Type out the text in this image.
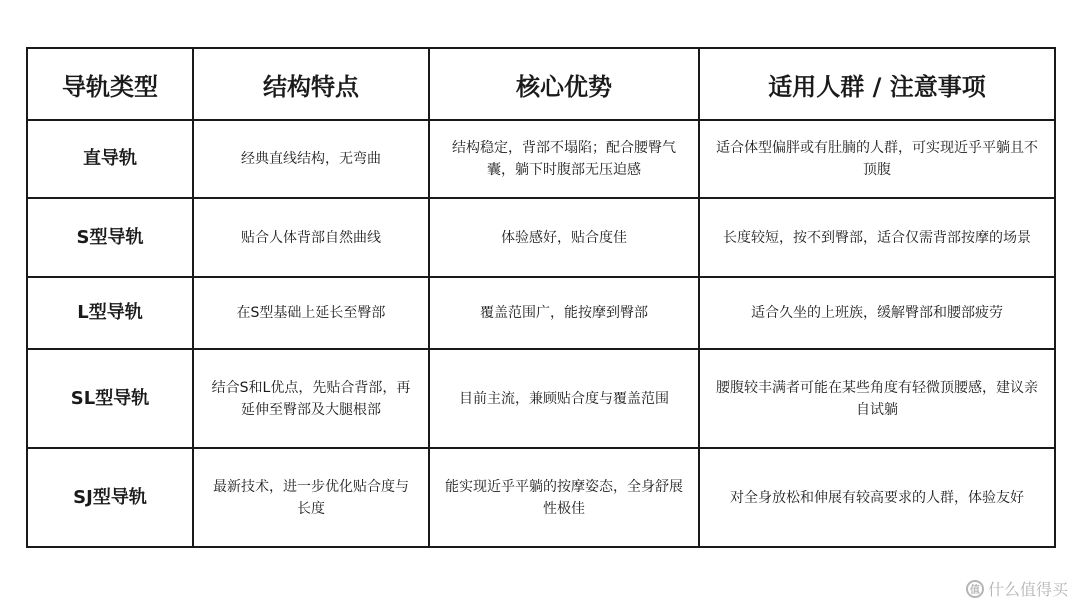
导轨类型	结构特点	核心优势	适用人群 / 注意事项
直导轨	经典直线结构，无弯曲	结构稳定，背部不塌陷；配合腰臀气囊，躺下时腹部无压迫感	适合体型偏胖或有肚腩的人群，可实现近乎平躺且不顶腹
S型导轨	贴合人体背部自然曲线	体验感好，贴合度佳	长度较短，按不到臀部，适合仅需背部按摩的场景
L型导轨	在S型基础上延长至臀部	覆盖范围广，能按摩到臀部	适合久坐的上班族，缓解臀部和腰部疲劳
SL型导轨	结合S和L优点，先贴合背部，再延伸至臀部及大腿根部	目前主流，兼顾贴合度与覆盖范围	腰腹较丰满者可能在某些角度有轻微顶腰感，建议亲自试躺
SJ型导轨	最新技术，进一步优化贴合度与长度	能实现近乎平躺的按摩姿态，全身舒展性极佳	对全身放松和伸展有较高要求的人群，体验友好
值 什么值得买
